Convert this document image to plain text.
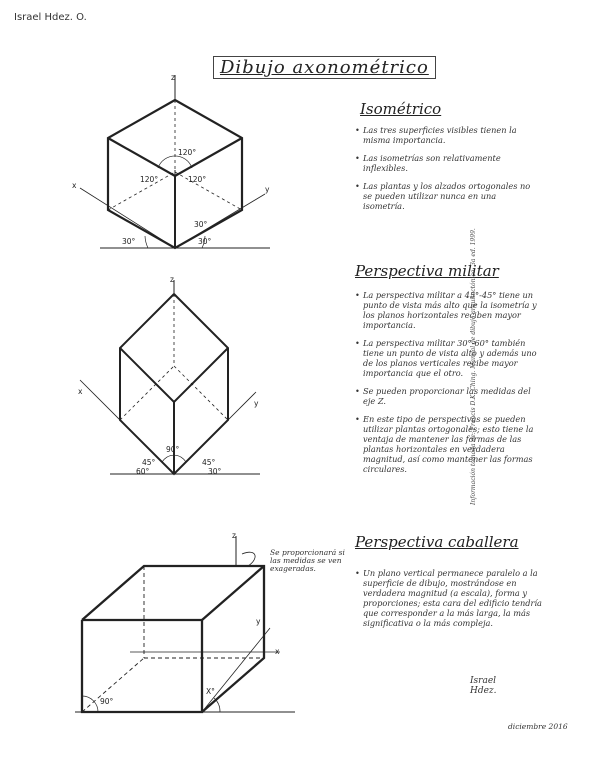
Israel Hdez. O.
Dibujo axonométrico
z
x	y
120°
120°	120°
30°	30°
30°
z
x
y
90°
45°
60°
45°
30°
z
x
y
90°
X°
Se proporcionará si las medidas se ven exageradas.
Isométrico
• Las tres superficies visibles tienen la misma importancia.
• Las isometrías son relativamente inflexibles.
• Las plantas y los alzados ortogonales no se pueden utilizar nunca en una isometría.
Perspectiva militar
• La perspectiva militar a 45°-45° tiene un punto de vista más alto que la isometría y los planos horizontales reciben mayor importancia.
• La perspectiva militar 30°-60° también tiene un punto de vista alto y además uno de los planos verticales recibe mayor importancia que el otro.
• Se pueden proporcionar las medidas del eje Z.
• En este tipo de perspectivas se pueden utilizar plantas ortogonales; esto tiene la ventaja de mantener las formas de las plantas horizontales en verdadera magnitud, así como mantener las formas circulares.
Perspectiva caballera
• Un plano vertical permanece paralelo a la superficie de dibujo, mostrándose en verdadera magnitud (a escala), forma y proporciones; esta cara del edificio tendría que corresponder a la más larga, la más significativa o la más compleja.
Información tomada de: Francis D.K. Ching. Manual de dibujo arquitectónico. 3a ed. 1999.
Israel
Hdez.
diciembre 2016
